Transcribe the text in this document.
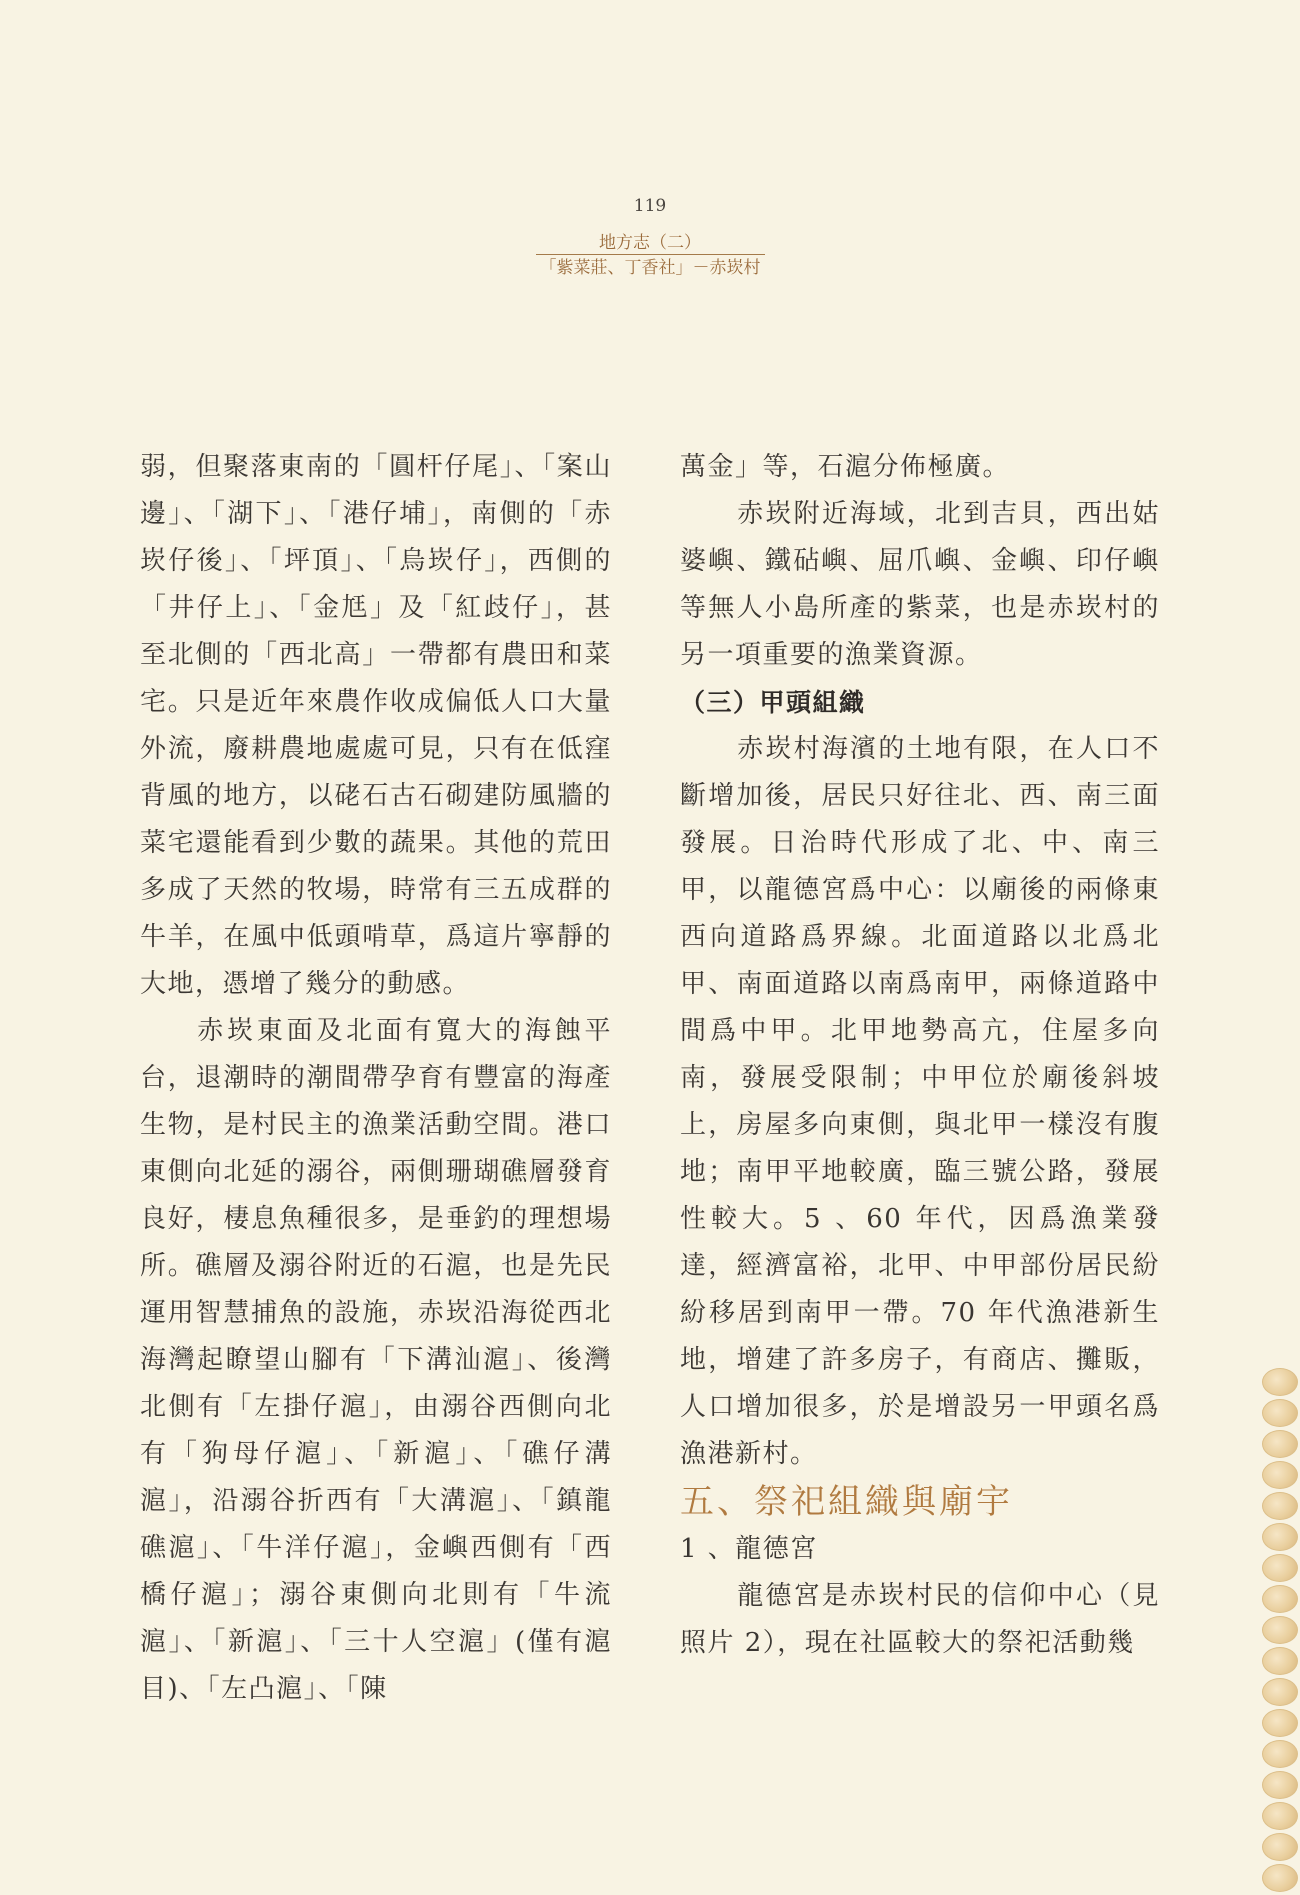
119
地方志（二）
「紫菜莊、丁香社」－赤崁村

弱，但聚落東南的「圓杆仔尾」、「案山邊」、「湖下」、「港仔埔」，南側的「赤崁仔後」、「坪頂」、「烏崁仔」，西側的「井仔上」、「金尪」及「紅歧仔」，甚至北側的「西北高」一帶都有農田和菜宅。只是近年來農作收成偏低人口大量外流，廢耕農地處處可見，只有在低窪背風的地方，以硓石古石砌建防風牆的菜宅還能看到少數的蔬果。其他的荒田多成了天然的牧場，時常有三五成群的牛羊，在風中低頭啃草，爲這片寧靜的大地，憑增了幾分的動感。

赤崁東面及北面有寬大的海蝕平台，退潮時的潮間帶孕育有豐富的海產生物，是村民主的漁業活動空間。港口東側向北延的溺谷，兩側珊瑚礁層發育良好，棲息魚種很多，是垂釣的理想場所。礁層及溺谷附近的石滬，也是先民運用智慧捕魚的設施，赤崁沿海從西北海灣起瞭望山腳有「下溝汕滬」、後灣北側有「左掛仔滬」，由溺谷西側向北有「狗母仔滬」、「新滬」、「礁仔溝滬」，沿溺谷折西有「大溝滬」、「鎮龍礁滬」、「牛洋仔滬」，金嶼西側有「西橋仔滬」；溺谷東側向北則有「牛流滬」、「新滬」、「三十人空滬」(僅有滬目)、「左凸滬」、「陳

萬金」等，石滬分佈極廣。

赤崁附近海域，北到吉貝，西出姑婆嶼、鐵砧嶼、屈爪嶼、金嶼、印仔嶼等無人小島所產的紫菜，也是赤崁村的另一項重要的漁業資源。

（三）甲頭組織

赤崁村海濱的土地有限，在人口不斷增加後，居民只好往北、西、南三面發展。日治時代形成了北、中、南三甲，以龍德宮爲中心：以廟後的兩條東西向道路爲界線。北面道路以北爲北甲、南面道路以南爲南甲，兩條道路中間爲中甲。北甲地勢高亢，住屋多向南，發展受限制；中甲位於廟後斜坡上，房屋多向東側，與北甲一樣沒有腹地；南甲平地較廣，臨三號公路，發展性較大。5 、60 年代，因爲漁業發達，經濟富裕，北甲、中甲部份居民紛紛移居到南甲一帶。70 年代漁港新生地，增建了許多房子，有商店、攤販，人口增加很多，於是增設另一甲頭名爲漁港新村。

五、祭祀組織與廟宇

1 、龍德宮

龍德宮是赤崁村民的信仰中心（見照片 2），現在社區較大的祭祀活動幾
